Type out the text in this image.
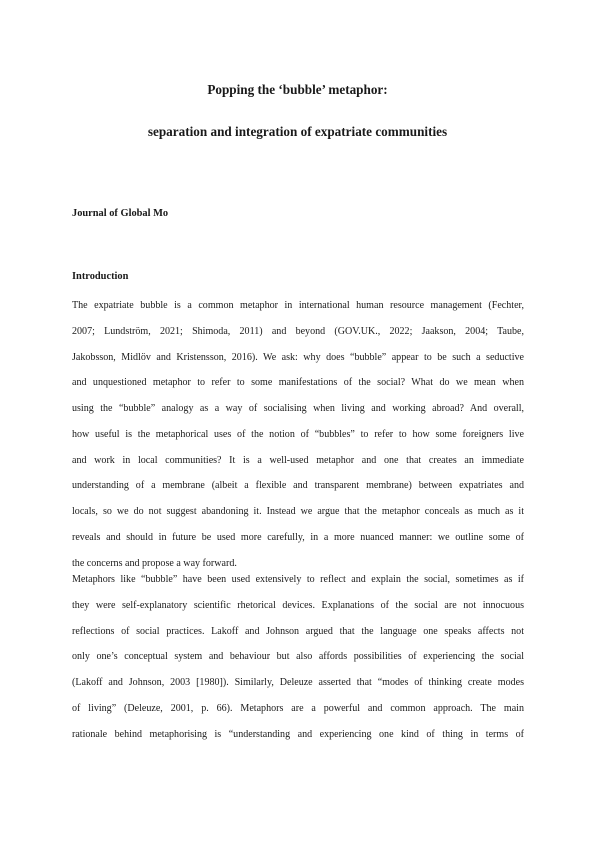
Popping the ‘bubble’ metaphor:
separation and integration of expatriate communities

Journal of Global Mo

Introduction
The expatriate bubble is a common metaphor in international human resource management (Fechter,
2007; Lundström, 2021; Shimoda, 2011) and beyond (GOV.UK., 2022; Jaakson, 2004; Taube,
Jakobsson, Midlöv and Kristensson, 2016). We ask: why does “bubble” appear to be such a seductive
and unquestioned metaphor to refer to some manifestations of the social? What do we mean when
using the “bubble” analogy as a way of socialising when living and working abroad? And overall,
how useful is the metaphorical uses of the notion of “bubbles” to refer to how some foreigners live
and work in local communities? It is a well-used metaphor and one that creates an immediate
understanding of a membrane (albeit a flexible and transparent membrane) between expatriates and
locals, so we do not suggest abandoning it. Instead we argue that the metaphor conceals as much as it
reveals and should in future be used more carefully, in a more nuanced manner: we outline some of
the concerns and propose a way forward.
Metaphors like “bubble” have been used extensively to reflect and explain the social, sometimes as if
they were self-explanatory scientific rhetorical devices. Explanations of the social are not innocuous
reflections of social practices. Lakoff and Johnson argued that the language one speaks affects not
only one’s conceptual system and behaviour but also affords possibilities of experiencing the social
(Lakoff and Johnson, 2003 [1980]). Similarly, Deleuze asserted that “modes of thinking create modes
of living” (Deleuze, 2001, p. 66). Metaphors are a powerful and common approach. The main
rationale behind metaphorising is “understanding and experiencing one kind of thing in terms of
